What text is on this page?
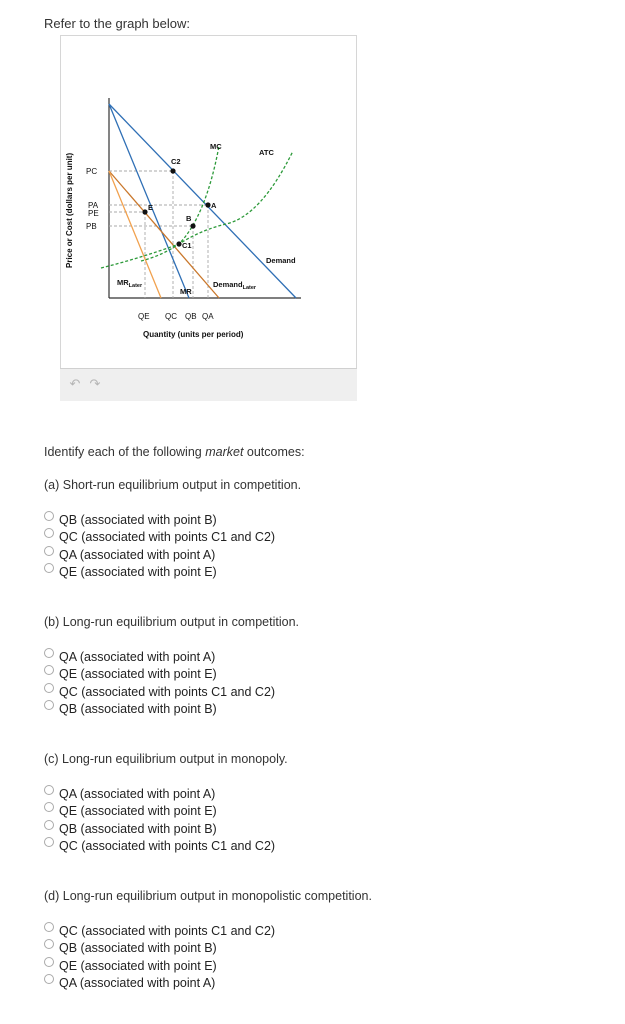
Refer to the graph below:
C2
C1
A
B
E
MC
ATC
Demand
MR
Demand$_{Later}$
$MR_{Later}$
PC
PA
PE
PB
QE QC QB QA
Quantity (units per period)
Price or Cost (dollars per unit)
↶ ↷
Identify each of the following market outcomes:
(a) Short-run equilibrium output in competition.
QB (associated with point B)
QC (associated with points C1 and C2)
QA (associated with point A)
QE (associated with point E)
(b) Long-run equilibrium output in competition.
QA (associated with point A)
QE (associated with point E)
QC (associated with points C1 and C2)
QB (associated with point B)
(c) Long-run equilibrium output in monopoly.
QA (associated with point A)
QE (associated with point E)
QB (associated with point B)
QC (associated with points C1 and C2)
(d) Long-run equilibrium output in monopolistic competition.
QC (associated with points C1 and C2)
QB (associated with point B)
QE (associated with point E)
QA (associated with point A)
